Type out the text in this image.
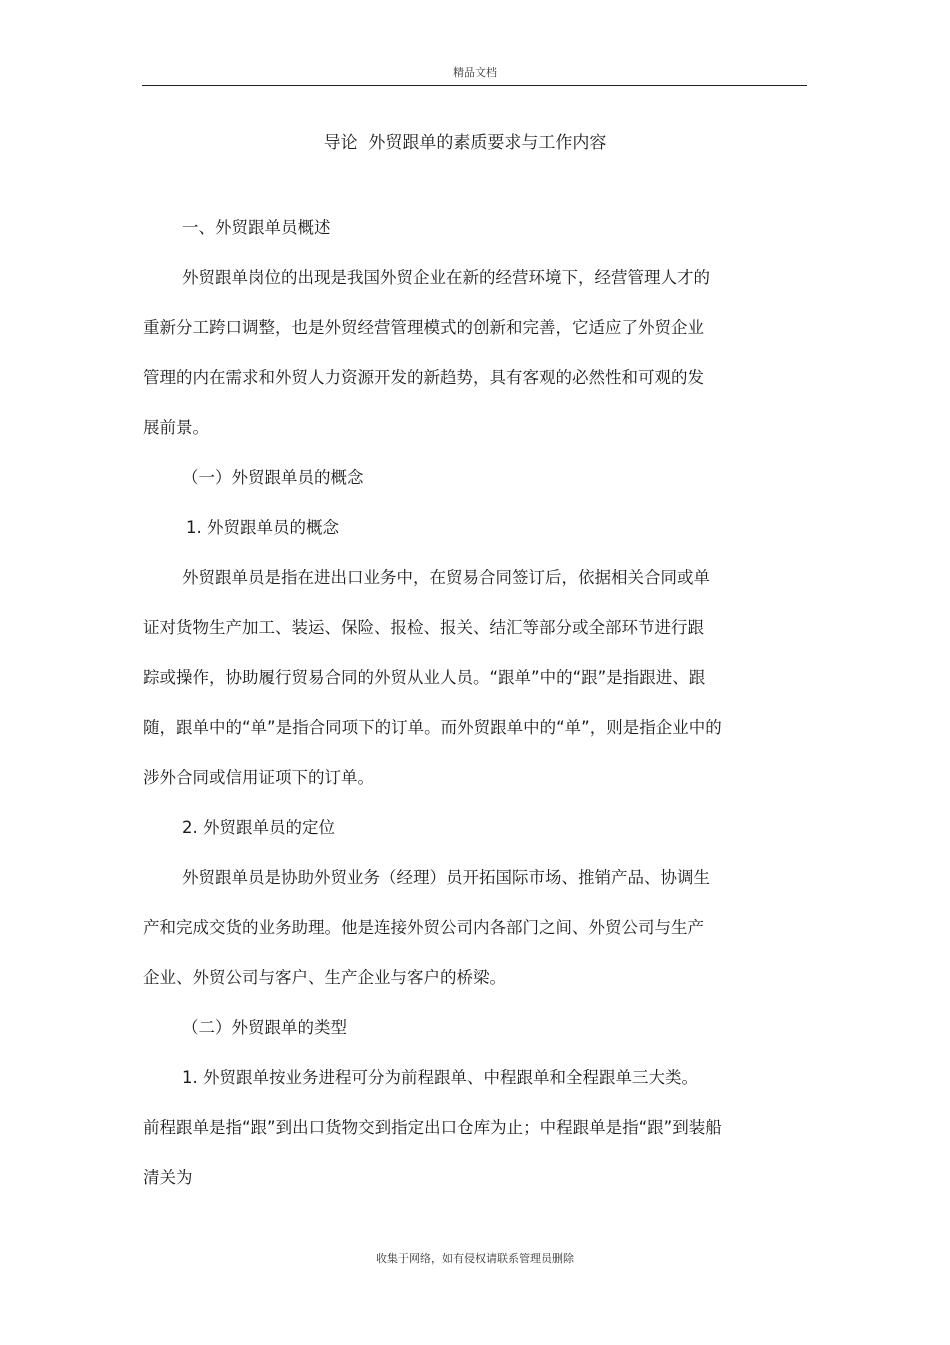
精品文档
导论  外贸跟单的素质要求与工作内容
一、外贸跟单员概述
外贸跟单岗位的出现是我国外贸企业在新的经营环境下，经营管理人才的
重新分工跨口调整，也是外贸经营管理模式的创新和完善，它适应了外贸企业
管理的内在需求和外贸人力资源开发的新趋势，具有客观的必然性和可观的发
展前景。
（一）外贸跟单员的概念
1. 外贸跟单员的概念
外贸跟单员是指在进出口业务中，在贸易合同签订后，依据相关合同或单
证对货物生产加工、装运、保险、报检、报关、结汇等部分或全部环节进行跟
踪或操作，协助履行贸易合同的外贸从业人员。“跟单”中的“跟”是指跟进、跟
随，跟单中的“单”是指合同项下的订单。而外贸跟单中的“单”，则是指企业中的
涉外合同或信用证项下的订单。
2. 外贸跟单员的定位
外贸跟单员是协助外贸业务（经理）员开拓国际市场、推销产品、协调生
产和完成交货的业务助理。他是连接外贸公司内各部门之间、外贸公司与生产
企业、外贸公司与客户、生产企业与客户的桥梁。
（二）外贸跟单的类型
1. 外贸跟单按业务进程可分为前程跟单、中程跟单和全程跟单三大类。
前程跟单是指“跟”到出口货物交到指定出口仓库为止；中程跟单是指“跟”到装船
清关为
收集于网络，如有侵权请联系管理员删除
